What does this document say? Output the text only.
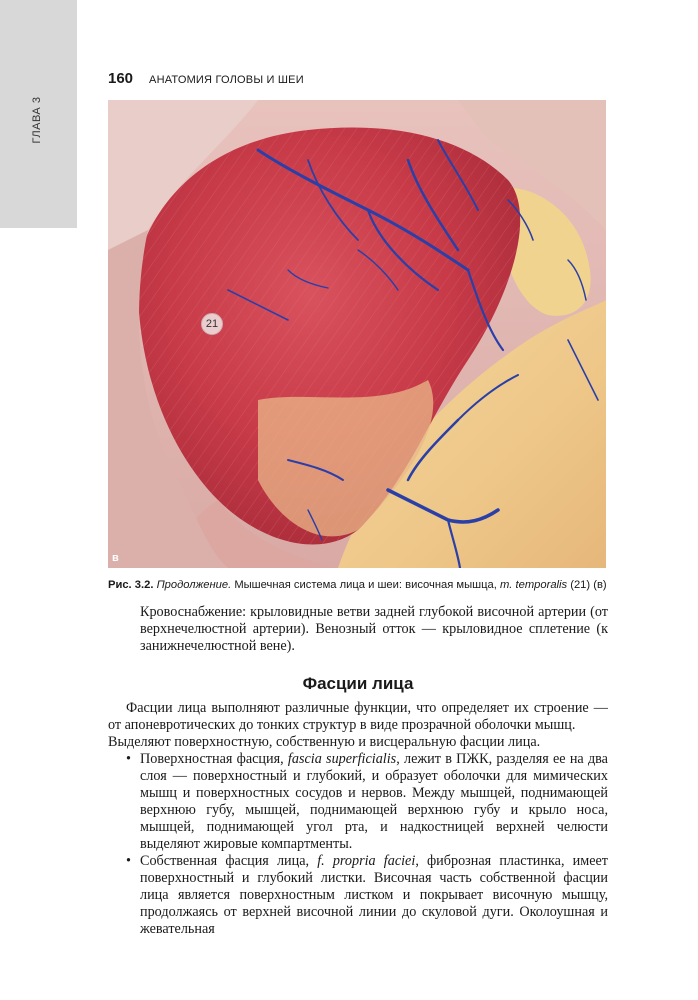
ГЛАВА 3
160 АНАТОМИЯ ГОЛОВЫ И ШЕИ
21
в
Рис. 3.2. Продолжение. Мышечная система лица и шеи: височная мышца, m. temporalis (21) (в)
Кровоснабжение: крыловидные ветви задней глубокой височной артерии (от верхнечелюстной артерии). Венозный отток — крыловидное сплетение (к занижнечелюстной вене).
Фасции лица

Фасции лица выполняют различные функции, что определяет их строение — от апоневротических до тонких структур в виде прозрачной оболочки мышц.

Выделяют поверхностную, собственную и висцеральную фасции лица.

• Поверхностная фасция, fascia superficialis, лежит в ПЖК, разделяя ее на два слоя — поверхностный и глубокий, и образует оболочки для мимических мышц и поверхностных сосудов и нервов. Между мышцей, поднимающей верхнюю губу, мышцей, поднимающей верхнюю губу и крыло носа, мышцей, поднимающей угол рта, и надкостницей верхней челюсти выделяют жировые компартменты.
• Собственная фасция лица, f. propria faciei, фиброзная пластинка, имеет поверхностный и глубокий листки. Височная часть собственной фасции лица является поверхностным листком и покрывает височную мышцу, продолжаясь от верхней височной линии до скуловой дуги. Околоушная и жевательная
